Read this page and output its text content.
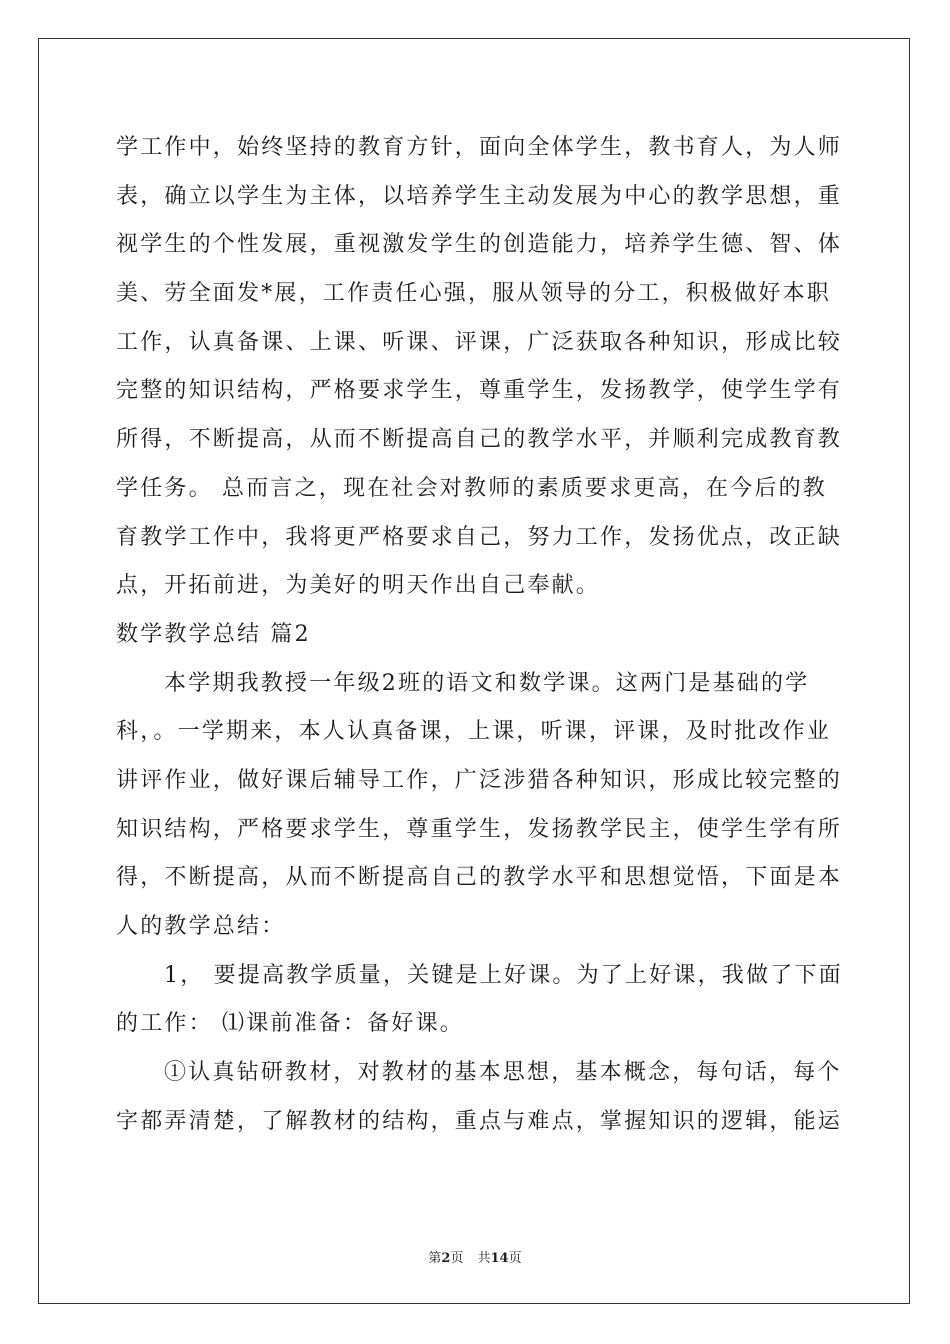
学工作中，始终坚持的教育方针，面向全体学生，教书育人，为人师
表，确立以学生为主体，以培养学生主动发展为中心的教学思想，重
视学生的个性发展，重视激发学生的创造能力，培养学生德、智、体
美、劳全面发*展，工作责任心强，服从领导的分工，积极做好本职
工作，认真备课、上课、听课、评课，广泛获取各种知识，形成比较
完整的知识结构，严格要求学生，尊重学生，发扬教学，使学生学有
所得，不断提高，从而不断提高自己的教学水平，并顺利完成教育教
学任务。 总而言之，现在社会对教师的素质要求更高，在今后的教
育教学工作中，我将更严格要求自己，努力工作，发扬优点，改正缺
点，开拓前进，为美好的明天作出自己奉献。
数学教学总结 篇2
本学期我教授一年级2班的语文和数学课。这两门是基础的学
科，。一学期来，本人认真备课，上课，听课，评课，及时批改作业
讲评作业，做好课后辅导工作，广泛涉猎各种知识，形成比较完整的
知识结构，严格要求学生，尊重学生，发扬教学民主，使学生学有所
得，不断提高，从而不断提高自己的教学水平和思想觉悟，下面是本
人的教学总结：
1， 要提高教学质量，关键是上好课。为了上好课，我做了下面
的工作： ⑴课前准备：备好课。
①认真钻研教材，对教材的基本思想，基本概念，每句话，每个
字都弄清楚，了解教材的结构，重点与难点，掌握知识的逻辑，能运
第2页 共14页
